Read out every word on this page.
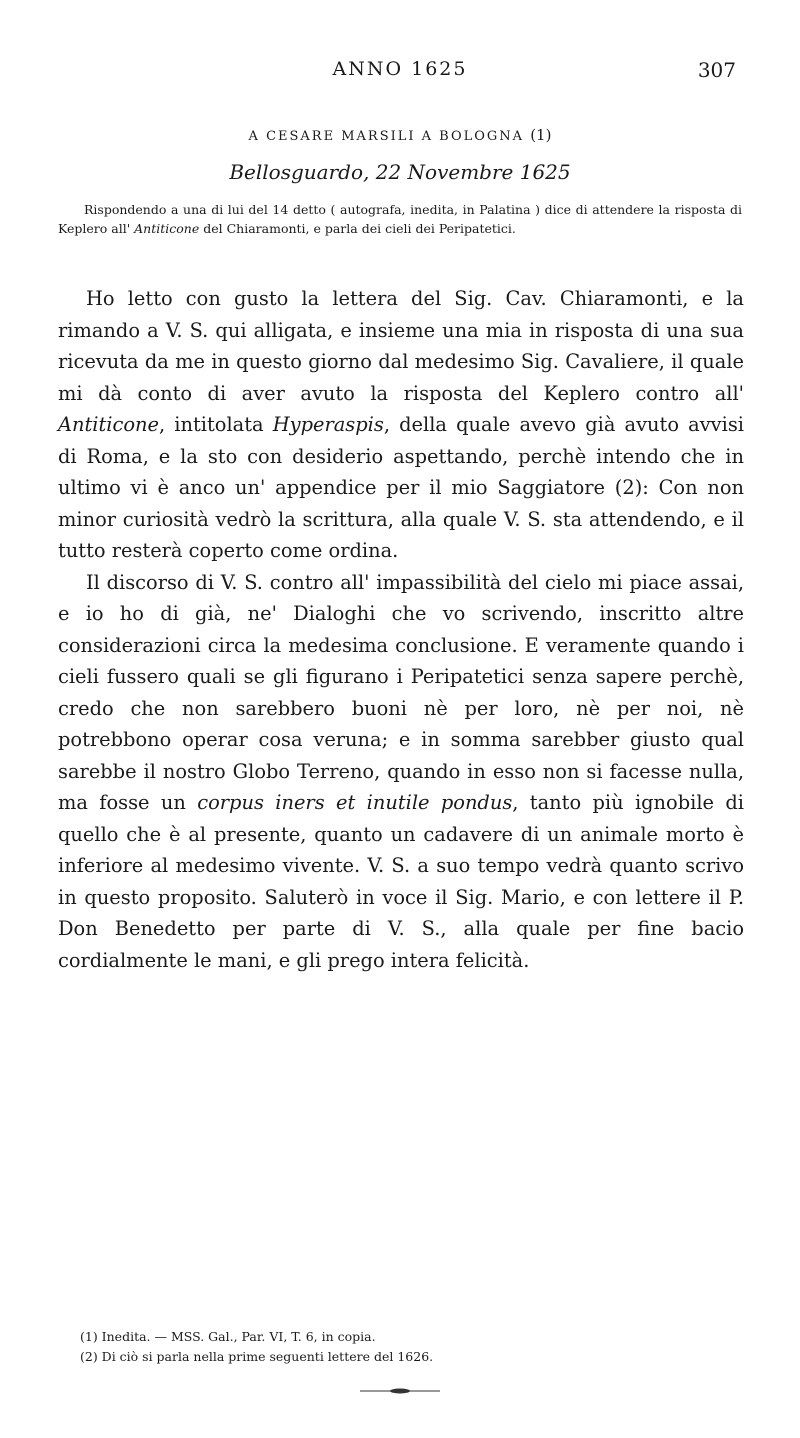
ANNO 1625	307
A CESARE MARSILI A BOLOGNA (1)
Bellosguardo, 22 Novembre 1625

Rispondendo a una di lui del 14 detto ( autografa, inedita, in Palatina ) dice di attendere la risposta di Keplero all' Antiticone del Chiaramonti, e parla dei cieli dei Peripatetici.

Ho letto con gusto la lettera del Sig. Cav. Chiaramonti, e la rimando a V. S. qui alligata, e insieme una mia in risposta di una sua ricevuta da me in questo giorno dal medesimo Sig. Cavaliere, il quale mi dà conto di aver avuto la risposta del Keplero contro all' Antiticone, intitolata Hyperaspis, della quale avevo già avuto avvisi di Roma, e la sto con desiderio aspettando, perchè intendo che in ultimo vi è anco un' appendice per il mio Saggiatore (2): Con non minor curiosità vedrò la scrittura, alla quale V. S. sta attendendo, e il tutto resterà coperto come ordina.

Il discorso di V. S. contro all' impassibilità del cielo mi piace assai, e io ho di già, ne' Dialoghi che vo scrivendo, inscritto altre considerazioni circa la medesima conclusione. E veramente quando i cieli fussero quali se gli figurano i Peripatetici senza sapere perchè, credo che non sarebbero buoni nè per loro, nè per noi, nè potrebbono operar cosa veruna; e in somma sarebber giusto qual sarebbe il nostro Globo Terreno, quando in esso non si facesse nulla, ma fosse un corpus iners et inutile pondus, tanto più ignobile di quello che è al presente, quanto un cadavere di un animale morto è inferiore al medesimo vivente. V. S. a suo tempo vedrà quanto scrivo in questo proposito. Saluterò in voce il Sig. Mario, e con lettere il P. Don Benedetto per parte di V. S., alla quale per fine bacio cordialmente le mani, e gli prego intera felicità.

(1) Inedita. — MSS. Gal., Par. VI, T. 6, in copia.
(2) Di ciò si parla nella prime seguenti lettere del 1626.
